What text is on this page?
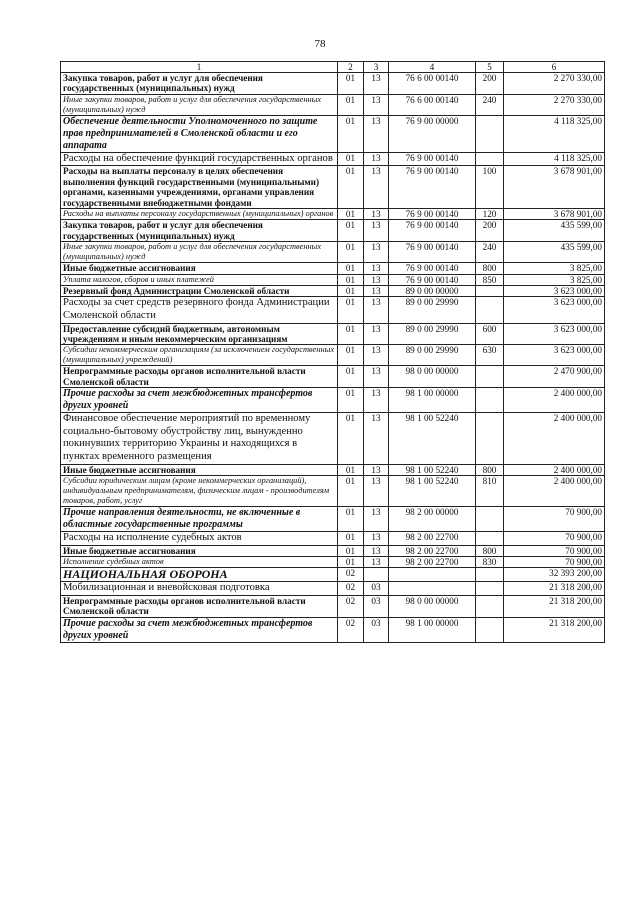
78
1	2	3	4	5	6
Закупка товаров, работ и услуг для обеспечения государственных (муниципальных) нужд	01	13	76 6 00 00140	200	2 270 330,00
Иные закупки товаров, работ и услуг для обеспечения государственных (муниципальных) нужд	01	13	76 6 00 00140	240	2 270 330,00
Обеспечение деятельности Уполномоченного по защите прав предпринимателей в Смоленской области и его аппарата	01	13	76 9 00 00000		4 118 325,00
Расходы на обеспечение функций государственных органов	01	13	76 9 00 00140		4 118 325,00
Расходы на выплаты персоналу в целях обеспечения выполнения функций государственными (муниципальными) органами, казенными учреждениями, органами управления государственными внебюджетными фондами	01	13	76 9 00 00140	100	3 678 901,00
Расходы на выплаты персоналу государственных (муниципальных) органов	01	13	76 9 00 00140	120	3 678 901,00
Закупка товаров, работ и услуг для обеспечения государственных (муниципальных) нужд	01	13	76 9 00 00140	200	435 599,00
Иные закупки товаров, работ и услуг для обеспечения государственных (муниципальных) нужд	01	13	76 9 00 00140	240	435 599,00
Иные бюджетные ассигнования	01	13	76 9 00 00140	800	3 825,00
Уплата налогов, сборов и иных платежей	01	13	76 9 00 00140	850	3 825,00
Резервный фонд Администрации Смоленской области	01	13	89 0 00 00000		3 623 000,00
Расходы за счет средств резервного фонда Администрации Смоленской области	01	13	89 0 00 29990		3 623 000,00
Предоставление субсидий бюджетным, автономным учреждениям и иным некоммерческим организациям	01	13	89 0 00 29990	600	3 623 000,00
Субсидии некоммерческим организациям (за исключением государственных (муниципальных) учреждений)	01	13	89 0 00 29990	630	3 623 000,00
Непрограммные расходы органов исполнительной власти Смоленской области	01	13	98 0 00 00000		2 470 900,00
Прочие расходы за счет межбюджетных трансфертов других уровней	01	13	98 1 00 00000		2 400 000,00
Финансовое обеспечение мероприятий по временному социально-бытовому обустройству лиц, вынужденно покинувших территорию Украины и находящихся в пунктах временного размещения	01	13	98 1 00 52240		2 400 000,00
Иные бюджетные ассигнования	01	13	98 1 00 52240	800	2 400 000,00
Субсидии юридическим лицам (кроме некоммерческих организаций), индивидуальным предпринимателям, физическим лицам - производителям товаров, работ, услуг	01	13	98 1 00 52240	810	2 400 000,00
Прочие направления деятельности, не включенные в областные государственные программы	01	13	98 2 00 00000		70 900,00
Расходы на исполнение судебных актов	01	13	98 2 00 22700		70 900,00
Иные бюджетные ассигнования	01	13	98 2 00 22700	800	70 900,00
Исполнение судебных актов	01	13	98 2 00 22700	830	70 900,00
НАЦИОНАЛЬНАЯ ОБОРОНА	02				32 393 200,00
Мобилизационная и вневойсковая подготовка	02	03			21 318 200,00
Непрограммные расходы органов исполнительной власти Смоленской области	02	03	98 0 00 00000		21 318 200,00
Прочие расходы за счет межбюджетных трансфертов других уровней	02	03	98 1 00 00000		21 318 200,00
